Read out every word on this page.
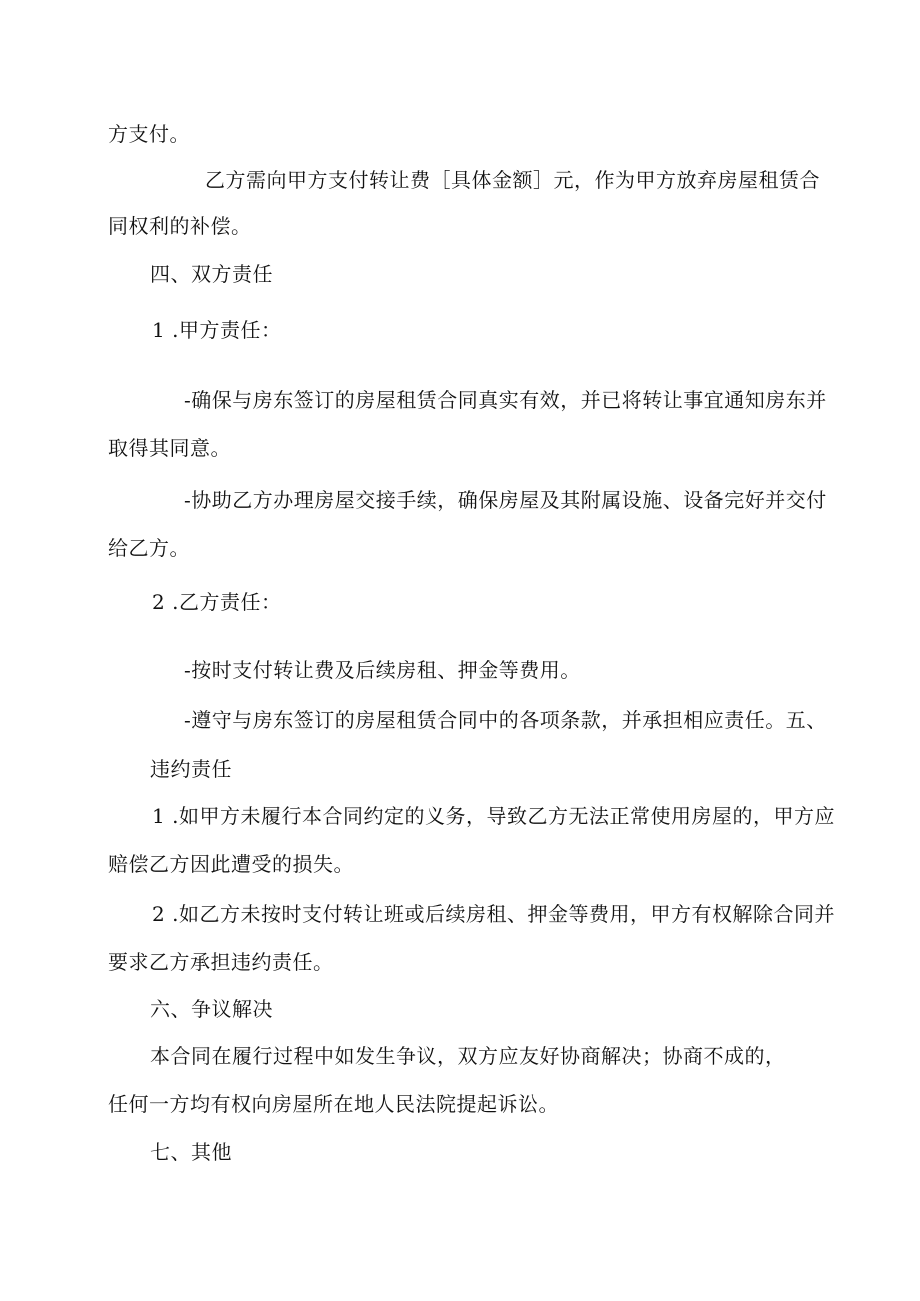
方支付。
乙方需向甲方支付转让费［具体金额］元，作为甲方放弃房屋租赁合
同权利的补偿。
四、双方责任
1 .甲方责任：
-确保与房东签订的房屋租赁合同真实有效，并已将转让事宜通知房东并
取得其同意。
-协助乙方办理房屋交接手续，确保房屋及其附属设施、设备完好并交付
给乙方。
2 .乙方责任：
-按时支付转让费及后续房租、押金等费用。
-遵守与房东签订的房屋租赁合同中的各项条款，并承担相应责任。五、
违约责任
1 .如甲方未履行本合同约定的义务，导致乙方无法正常使用房屋的，甲方应
赔偿乙方因此遭受的损失。
2 .如乙方未按时支付转让班或后续房租、押金等费用，甲方有权解除合同并
要求乙方承担违约责任。
六、争议解决
本合同在履行过程中如发生争议，双方应友好协商解决；协商不成的，
任何一方均有权向房屋所在地人民法院提起诉讼。
七、其他
